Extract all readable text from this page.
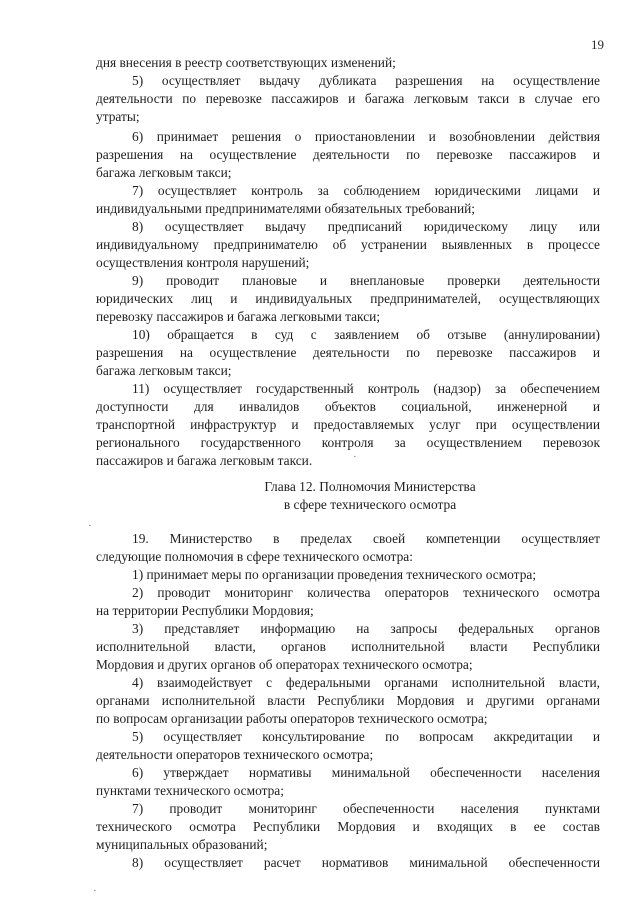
19
дня внесения в реестр соответствующих изменений;
5) осуществляет выдачу дубликата разрешения на осуществление
деятельности по перевозке пассажиров и багажа легковым такси в случае его
утраты;
6) принимает решения о приостановлении и возобновлении действия
разрешения на осуществление деятельности по перевозке пассажиров и
багажа легковым такси;
7) осуществляет контроль за соблюдением юридическими лицами и
индивидуальными предпринимателями обязательных требований;
8) осуществляет выдачу предписаний юридическому лицу или
индивидуальному предпринимателю об устранении выявленных в процессе
осуществления контроля нарушений;
9) проводит плановые и внеплановые проверки деятельности
юридических лиц и индивидуальных предпринимателей, осуществляющих
перевозку пассажиров и багажа легковыми такси;
10) обращается в суд с заявлением об отзыве (аннулировании)
разрешения на осуществление деятельности по перевозке пассажиров и
багажа легковым такси;
11) осуществляет государственный контроль (надзор) за обеспечением
доступности для инвалидов объектов социальной, инженерной и
транспортной инфраструктур и предоставляемых услуг при осуществлении
регионального государственного контроля за осуществлением перевозок
пассажиров и багажа легковым такси.
Глава 12. Полномочия Министерства
в сфере технического осмотра
19. Министерство в пределах своей компетенции осуществляет
следующие полномочия в сфере технического осмотра:
1) принимает меры по организации проведения технического осмотра;
2) проводит мониторинг количества операторов технического осмотра
на территории Республики Мордовия;
3) представляет информацию на запросы федеральных органов
исполнительной власти, органов исполнительной власти Республики
Мордовия и других органов об операторах технического осмотра;
4) взаимодействует с федеральными органами исполнительной власти,
органами исполнительной власти Республики Мордовия и другими органами
по вопросам организации работы операторов технического осмотра;
5) осуществляет консультирование по вопросам аккредитации и
деятельности операторов технического осмотра;
6) утверждает нормативы минимальной обеспеченности населения
пунктами технического осмотра;
7) проводит мониторинг обеспеченности населения пунктами
технического осмотра Республики Мордовия и входящих в ее состав
муниципальных образований;
8) осуществляет расчет нормативов минимальной обеспеченности
·
·
·
